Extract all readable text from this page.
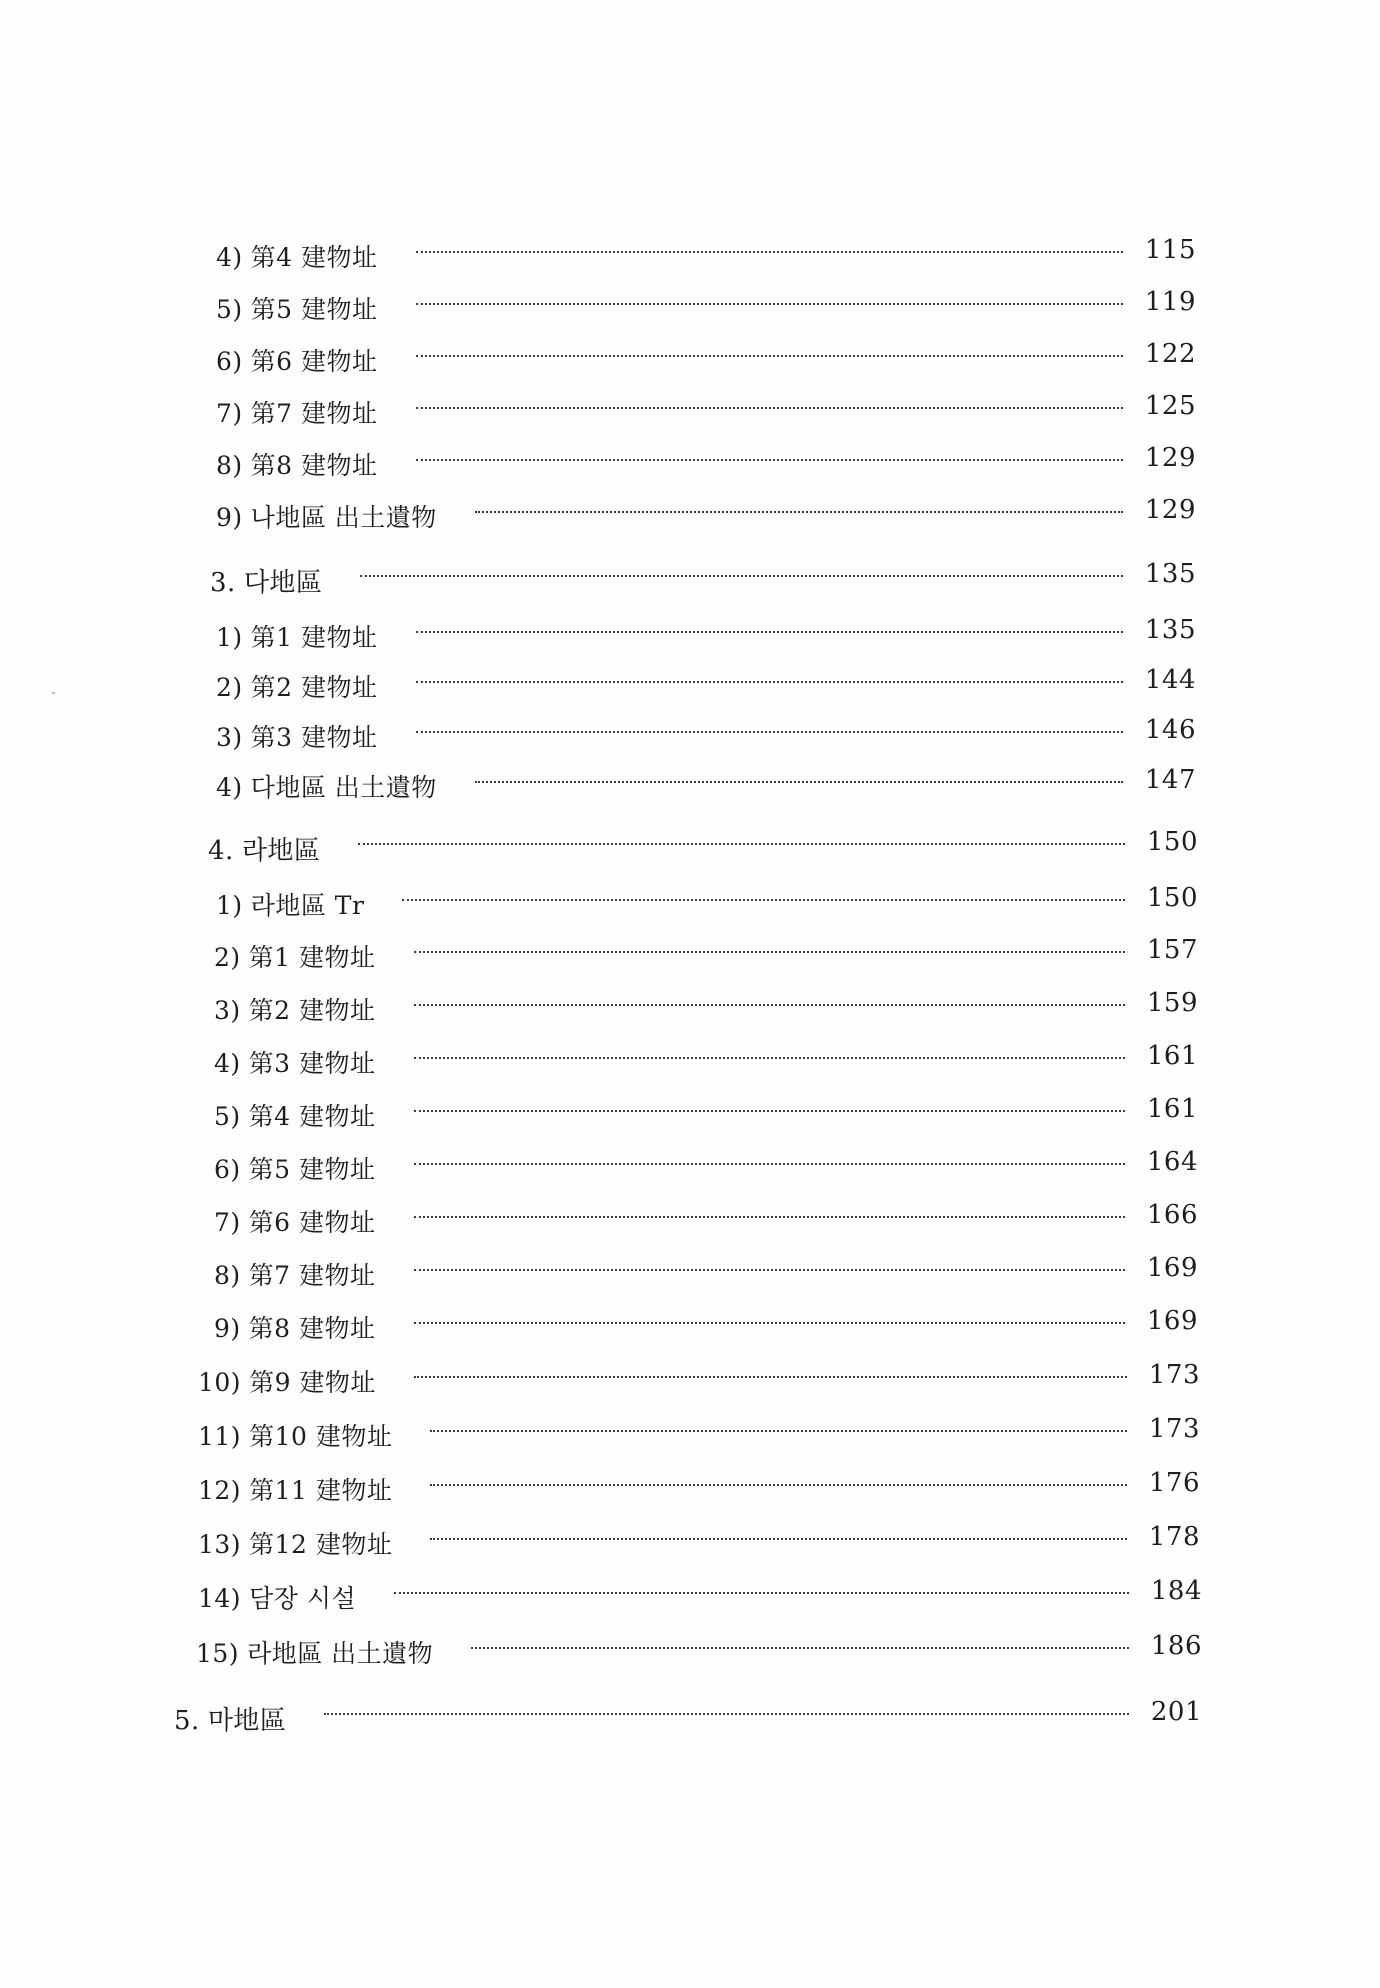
4) 第4 建物址	115
5) 第5 建物址	119
6) 第6 建物址	122
7) 第7 建物址	125
8) 第8 建物址	129
9) 나地區 出土遺物	129
3. 다地區	135
1) 第1 建物址	135
2) 第2 建物址	144
3) 第3 建物址	146
4) 다地區 出土遺物	147
4. 라地區	150
1) 라地區 Tr	150
2) 第1 建物址	157
3) 第2 建物址	159
4) 第3 建物址	161
5) 第4 建物址	161
6) 第5 建物址	164
7) 第6 建物址	166
8) 第7 建物址	169
9) 第8 建物址	169
10) 第9 建物址	173
11) 第10 建物址	173
12) 第11 建物址	176
13) 第12 建物址	178
14) 담장 시설	184
15) 라地區 出土遺物	186
5. 마地區	201
